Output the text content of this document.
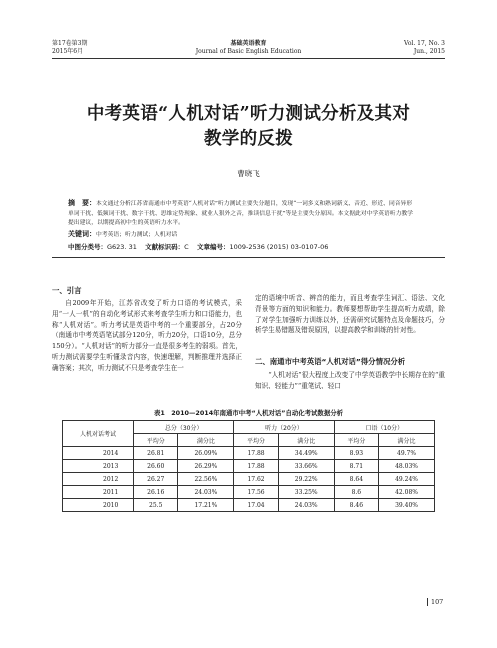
第17卷第3期
2015年6月
基础英语教育
Journal of Basic English Education
Vol. 17, No. 3
Jun., 2015
中考英语“人机对话”听力测试分析及其对
教学的反拨
曹晓飞
摘　要：本文通过分析江苏省南通市中考英语“人机对话”听力测试主要失分题目，发现“一词多义和熟词新义、音近、形近、同音异形单词干扰、低频词干扰、数字干扰、思维定势现象、就业人狠外之音，推读信息干扰”等是主要失分原因。本文据此对中学英语听力教学提出建议，以期提高初中生的英语听力水平。
关键词：中考英语；听力测试；人机对话
中图分类号：G623. 31 文献标识码：C 文章编号：1009-2536 (2015) 03-0107-06
一、引言

自2009年开始，江苏省改变了听力口语的考试模式，采用“一人一机”的自动化考试形式来考查学生听力和口语能力，也称“人机对话”。听力考试是英语中考的一个重要部分，占20分（南通市中考英语笔试部分120分，听力20分，口语10分，总分150分）。“人机对话”的听力部分一直是很多考生的弱项。首先，听力测试需要学生听懂录音内容，快速理解，判断推理并选择正确答案；其次，听力测试不只是考查学生在一

定的语境中听音、辨音的能力，而且考查学生词汇、语法、文化背景等方面的知识和能力。教师要想帮助学生提高听力成绩，除了对学生加强听力训练以外，还需研究试题特点及命题技巧，分析学生易错题及错误原因，以提高教学和训练的针对性。

二、南通市中考英语“人机对话”得分情况分析

“人机对话”很大程度上改变了中学英语教学中长期存在的“重知识、轻能力”“重笔试、轻口

表1　2010—2014年南通市中考“人机对话”自动化考试数据分析
人机对话考试	总分（30分）		听力（20分）		口语（10分）	
	平均分	满分比	平均分	满分比	平均分	满分比
2014	26.81	26.09%	17.88	34.49%	8.93	49.7%
2013	26.60	26.29%	17.88	33.66%	8.71	48.03%
2012	26.27	22.56%	17.62	29.22%	8.64	49.24%
2011	26.16	24.03%	17.56	33.25%	8.6	42.08%
2010	25.5	17.21%	17.04	24.03%	8.46	39.40%
107
